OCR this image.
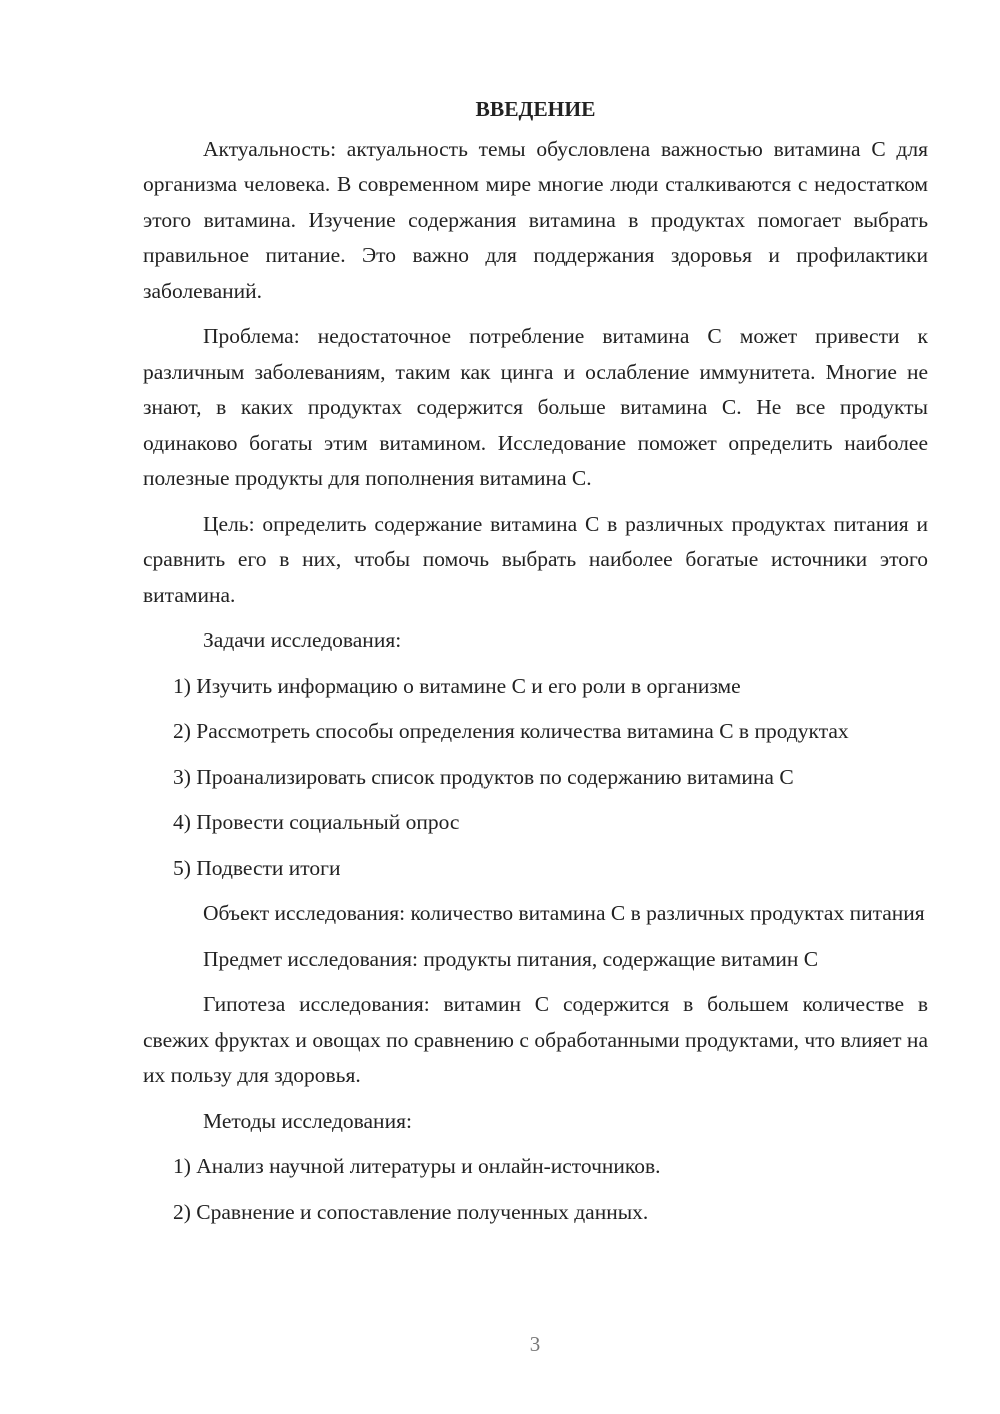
ВВЕДЕНИЕ

Актуальность: актуальность темы обусловлена важностью витамина C для организма человека. В современном мире многие люди сталкиваются с недостатком этого витамина. Изучение содержания витамина в продуктах помогает выбрать правильное питание. Это важно для поддержания здоровья и профилактики заболеваний.

Проблема: недостаточное потребление витамина C может привести к различным заболеваниям, таким как цинга и ослабление иммунитета. Многие не знают, в каких продуктах содержится больше витамина C. Не все продукты одинаково богаты этим витамином. Исследование поможет определить наиболее полезные продукты для пополнения витамина C.

Цель: определить содержание витамина C в различных продуктах питания и сравнить его в них, чтобы помочь выбрать наиболее богатые источники этого витамина.

Задачи исследования:

1) Изучить информацию о витамине C и его роли в организме

2) Рассмотреть способы определения количества витамина C в продуктах

3) Проанализировать список продуктов по содержанию витамина C

4) Провести социальный опрос

5) Подвести итоги

Объект исследования: количество витамина C в различных продуктах питания

Предмет исследования: продукты питания, содержащие витамин C

Гипотеза исследования: витамин C содержится в большем количестве в свежих фруктах и овощах по сравнению с обработанными продуктами, что влияет на их пользу для здоровья.

Методы исследования:

1) Анализ научной литературы и онлайн-источников.

2) Сравнение и сопоставление полученных данных.

3
